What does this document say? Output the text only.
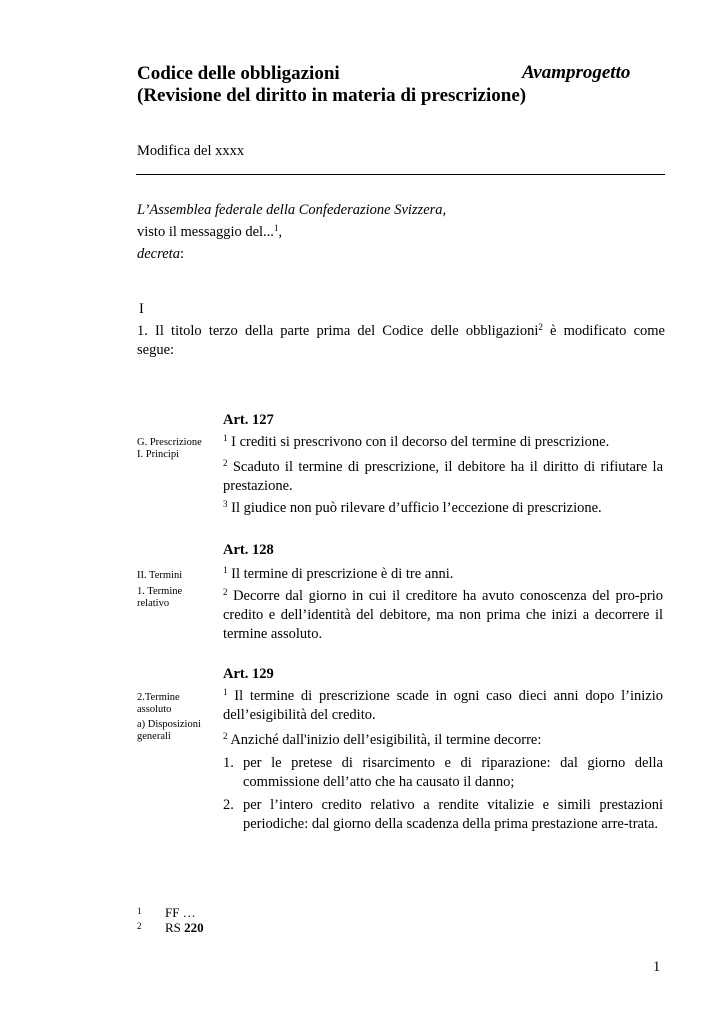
Codice delle obbligazioni	Avamprogetto
(Revisione del diritto in materia di prescrizione)
Modifica del xxxx
L’Assemblea federale della Confederazione Svizzera,
visto il messaggio del...$^1$,
decreta:
I
1. Il titolo terzo della parte prima del Codice delle obbligazioni$^2$ è modificato come
segue:
Art. 127
G. Prescrizione
I. Principi
$^1$ I crediti si prescrivono con il decorso del termine di prescrizione.
$^2$ Scaduto il termine di prescrizione, il debitore ha il diritto di rifiutare la prestazione.
$^3$ Il giudice non può rilevare d’ufficio l’eccezione di prescrizione.
Art. 128
II. Termini
1. Termine relativo
$^1$ Il termine di prescrizione è di tre anni.
$^2$ Decorre dal giorno in cui il creditore ha avuto conoscenza del pro-prio credito e dell’identità del debitore, ma non prima che inizi a decorrere il termine assoluto.
Art. 129
2.Termine assoluto
a) Disposizioni generali
$^1$ Il termine di prescrizione scade in ogni caso dieci anni dopo l’inizio dell’esigibilità del credito.
$^2$ Anziché dall'inizio dell’esigibilità, il termine decorre:
1. per le pretese di risarcimento e di riparazione: dal giorno della commissione dell’atto che ha causato il danno;
2. per l’intero credito relativo a rendite vitalizie e simili prestazioni periodiche: dal giorno della scadenza della prima prestazione arre-trata.
1 FF …
2 RS 220
1
